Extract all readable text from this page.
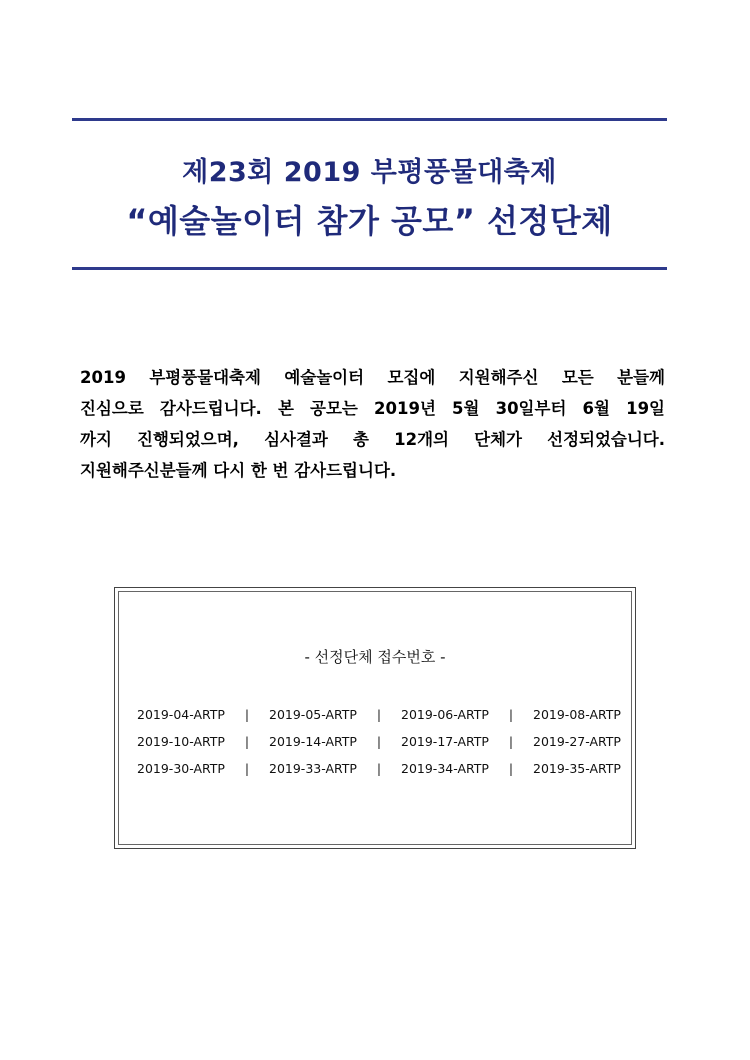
제23회 2019 부평풍물대축제
“예술놀이터 참가 공모” 선정단체
2019 부평풍물대축제 예술놀이터 모집에 지원해주신 모든 분들께
진심으로 감사드립니다. 본 공모는 2019년 5월 30일부터 6월 19일
까지 진행되었으며, 심사결과 총 12개의 단체가 선정되었습니다.
지원해주신분들께 다시 한 번 감사드립니다.
- 선정단체 접수번호 -
2019-04-ARTP | 2019-05-ARTP | 2019-06-ARTP | 2019-08-ARTP
2019-10-ARTP | 2019-14-ARTP | 2019-17-ARTP | 2019-27-ARTP
2019-30-ARTP | 2019-33-ARTP | 2019-34-ARTP | 2019-35-ARTP
